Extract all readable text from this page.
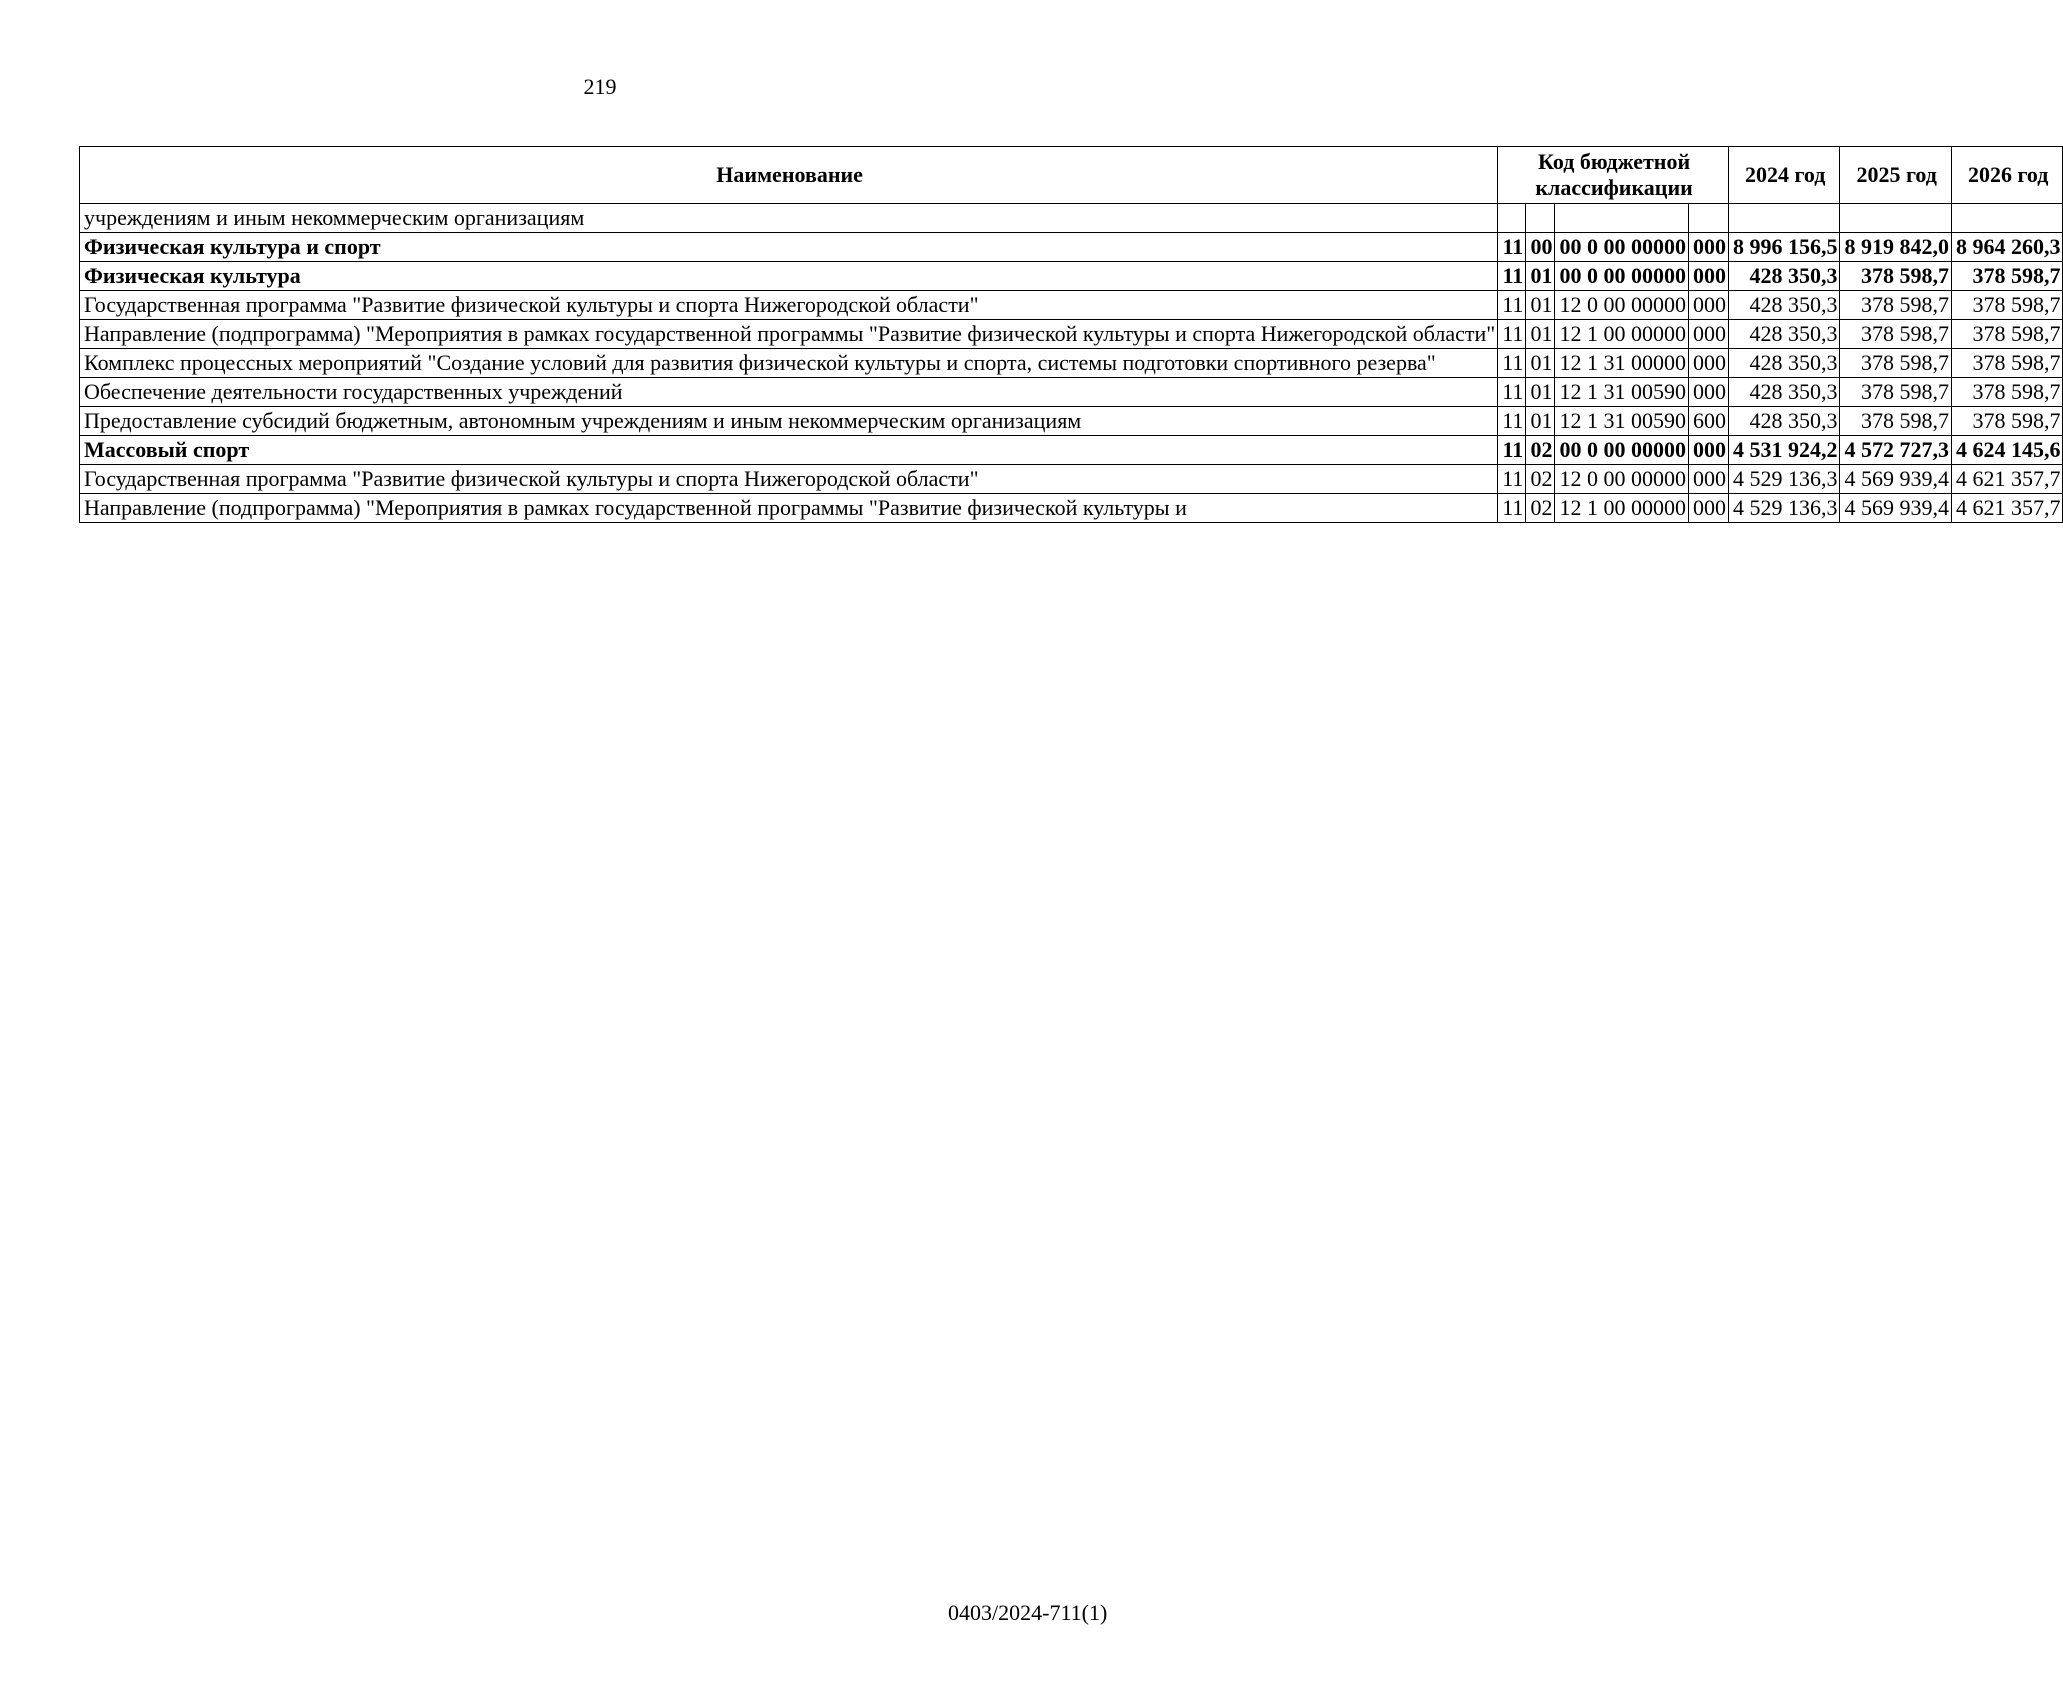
219
Наименование	Код бюджетной классификации				2024 год	2025 год	2026 год
учреждениям и иным некоммерческим организациям							
Физическая культура и спорт	11	00	00 0 00 00000	000	8 996 156,5	8 919 842,0	8 964 260,3
Физическая культура	11	01	00 0 00 00000	000	428 350,3	378 598,7	378 598,7
Государственная программа "Развитие физической культуры и спорта Нижегородской области"	11	01	12 0 00 00000	000	428 350,3	378 598,7	378 598,7
Направление (подпрограмма) "Мероприятия в рамках государственной программы "Развитие физической культуры и спорта Нижегородской области"	11	01	12 1 00 00000	000	428 350,3	378 598,7	378 598,7
Комплекс процессных мероприятий "Создание условий для развития физической культуры и спорта, системы подготовки спортивного резерва"	11	01	12 1 31 00000	000	428 350,3	378 598,7	378 598,7
Обеспечение деятельности государственных учреждений	11	01	12 1 31 00590	000	428 350,3	378 598,7	378 598,7
Предоставление субсидий бюджетным, автономным учреждениям и иным некоммерческим организациям	11	01	12 1 31 00590	600	428 350,3	378 598,7	378 598,7
Массовый спорт	11	02	00 0 00 00000	000	4 531 924,2	4 572 727,3	4 624 145,6
Государственная программа "Развитие физической культуры и спорта Нижегородской области"	11	02	12 0 00 00000	000	4 529 136,3	4 569 939,4	4 621 357,7
Направление (подпрограмма) "Мероприятия в рамках государственной программы "Развитие физической культуры и	11	02	12 1 00 00000	000	4 529 136,3	4 569 939,4	4 621 357,7
0403/2024-711(1)
